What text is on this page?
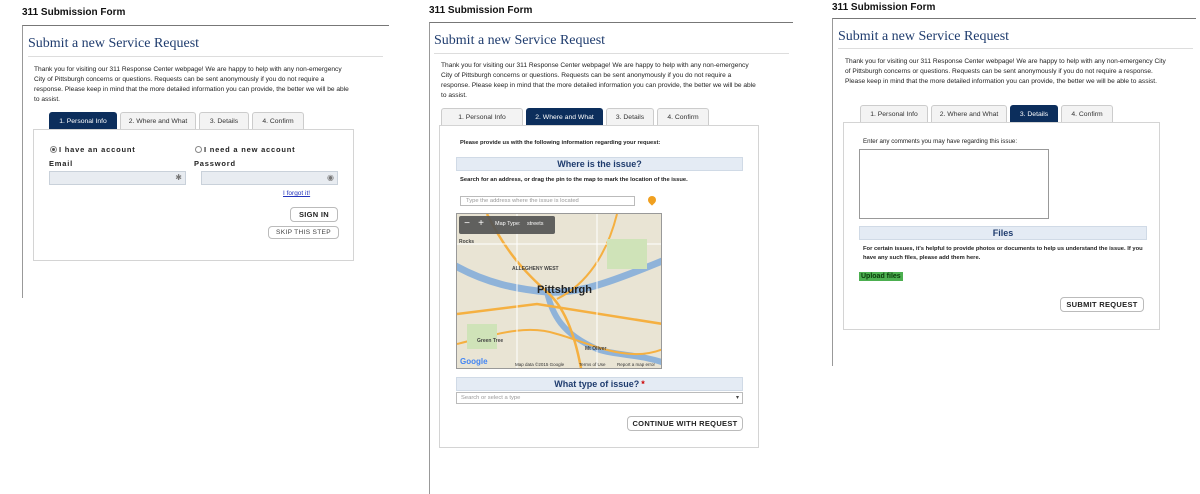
311 Submission Form
Submit a new Service Request
Thank you for visiting our 311 Response Center webpage! We are happy to help with any non-emergency City of Pittsburgh concerns or questions. Requests can be sent anonymously if you do not require a response. Please keep in mind that the more detailed information you can provide, the better we will be able to assist.
1. Personal Info	2. Where and What	3. Details	4. Confirm
I have an account	I need a new account
Email
✱
Password
◉
I forgot it!
SIGN IN
SKIP THIS STEP
311 Submission Form
Submit a new Service Request
Thank you for visiting our 311 Response Center webpage! We are happy to help with any non-emergency City of Pittsburgh concerns or questions. Requests can be sent anonymously if you do not require a response. Please keep in mind that the more detailed information you can provide, the better we will be able to assist.
1. Personal Info	2. Where and What	3. Details	4. Confirm
Please provide us with the following information regarding your request:
Where is the issue?
Search for an address, or drag the pin to the map to mark the location of the issue.
Type the address where the issue is located
− +	Map Type: streets
Rocks
Green Tree
Mt Oliver
ALLEGHENY WEST
Pittsburgh
Google	Map data ©2015 Google	Terms of Use	Report a map error
What type of issue? *
Search or select a type	▾
CONTINUE WITH REQUEST
311 Submission Form
Submit a new Service Request
Thank you for visiting our 311 Response Center webpage! We are happy to help with any non-emergency City of Pittsburgh concerns or questions. Requests can be sent anonymously if you do not require a response. Please keep in mind that the more detailed information you can provide, the better we will be able to assist.
1. Personal Info	2. Where and What	3. Details	4. Confirm
Enter any comments you may have regarding this issue:
Files
For certain issues, it's helpful to provide photos or documents to help us understand the issue. If you have any such files, please add them here.
Upload files
SUBMIT REQUEST
